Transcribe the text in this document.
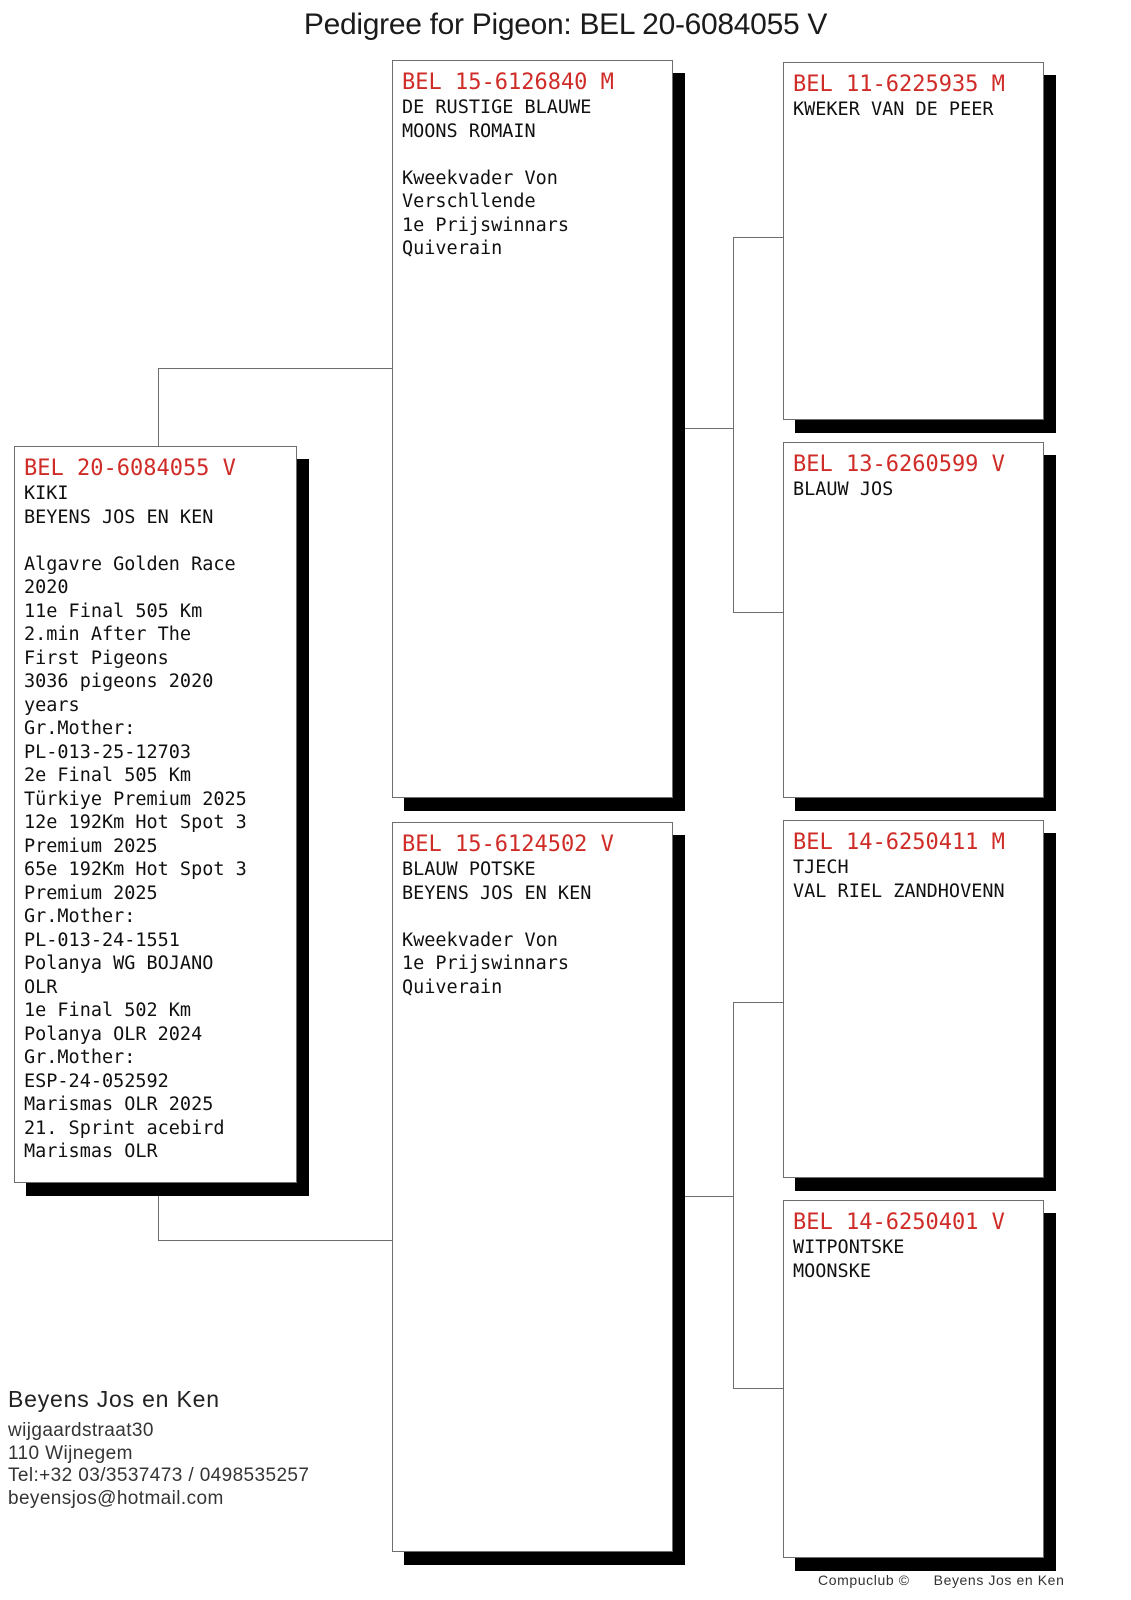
Pedigree for Pigeon: BEL 20-6084055 V
BEL 20-6084055 V
KIKI
BEYENS JOS EN KEN
Algavre Golden Race
2020
11e Final 505 Km
2.min After The
First Pigeons
3036 pigeons 2020
years
Gr.Mother:
PL-013-25-12703
2e Final 505 Km
Türkiye Premium 2025
12e 192Km Hot Spot 3
Premium 2025
65e 192Km Hot Spot 3
Premium 2025
Gr.Mother:
PL-013-24-1551
Polanya WG BOJANO
OLR
1e Final 502 Km
Polanya OLR 2024
Gr.Mother:
ESP-24-052592
Marismas OLR 2025
21. Sprint acebird
Marismas OLR
BEL 15-6126840 M
DE RUSTIGE BLAUWE
MOONS ROMAIN
Kweekvader Von
Verschllende
1e Prijswinnars
Quiverain
BEL 15-6124502 V
BLAUW POTSKE
BEYENS JOS EN KEN
Kweekvader Von
1e Prijswinnars
Quiverain
BEL 11-6225935 M
KWEKER VAN DE PEER
BEL 13-6260599 V
BLAUW JOS
BEL 14-6250411 M
TJECH
VAL RIEL ZANDHOVENN
BEL 14-6250401 V
WITPONTSKE
MOONSKE
Beyens Jos en Ken
wijgaardstraat30
110 Wijnegem
Tel:+32 03/3537473 / 0498535257
beyensjos@hotmail.com
Compuclub © Beyens Jos en Ken
